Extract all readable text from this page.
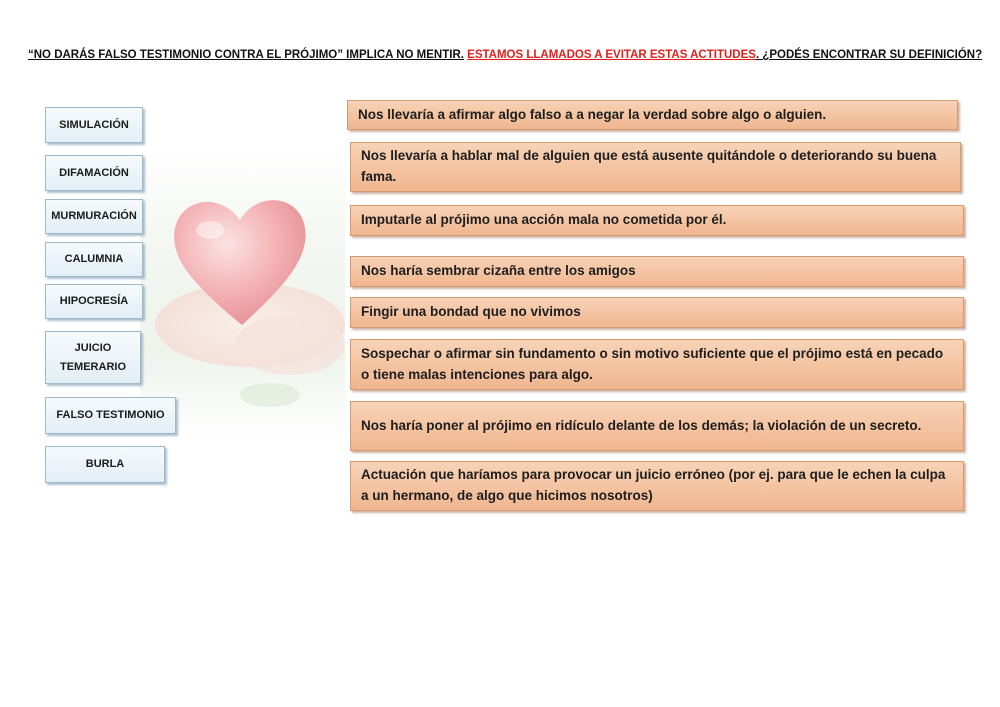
“NO DARÁS FALSO TESTIMONIO CONTRA EL PRÓJIMO” IMPLICA NO MENTIR. ESTAMOS LLAMADOS A EVITAR ESTAS ACTITUDES. ¿PODÉS ENCONTRAR SU DEFINICIÓN?
SIMULACIÓN
DIFAMACIÓN
MURMURACIÓN
CALUMNIA
HIPOCRESÍA
JUICIO TEMERARIO
FALSO TESTIMONIO
BURLA
Nos llevaría a afirmar algo falso a a negar la verdad sobre algo o alguien.
Nos llevaría a hablar mal de alguien que está ausente quitándole o deteriorando su buena fama.
Imputarle al prójimo una acción mala no cometida por él.
Nos haría sembrar cizaña entre los amigos
Fingir una bondad que no vivimos
Sospechar o afirmar sin fundamento o sin motivo suficiente que el prójimo está en pecado o tiene malas intenciones para algo.
Nos haría poner al prójimo en ridículo delante de los demás; la violación de un secreto.
Actuación que haríamos para provocar un juicio erróneo (por ej. para que le echen la culpa a un hermano, de algo que hicimos nosotros)
